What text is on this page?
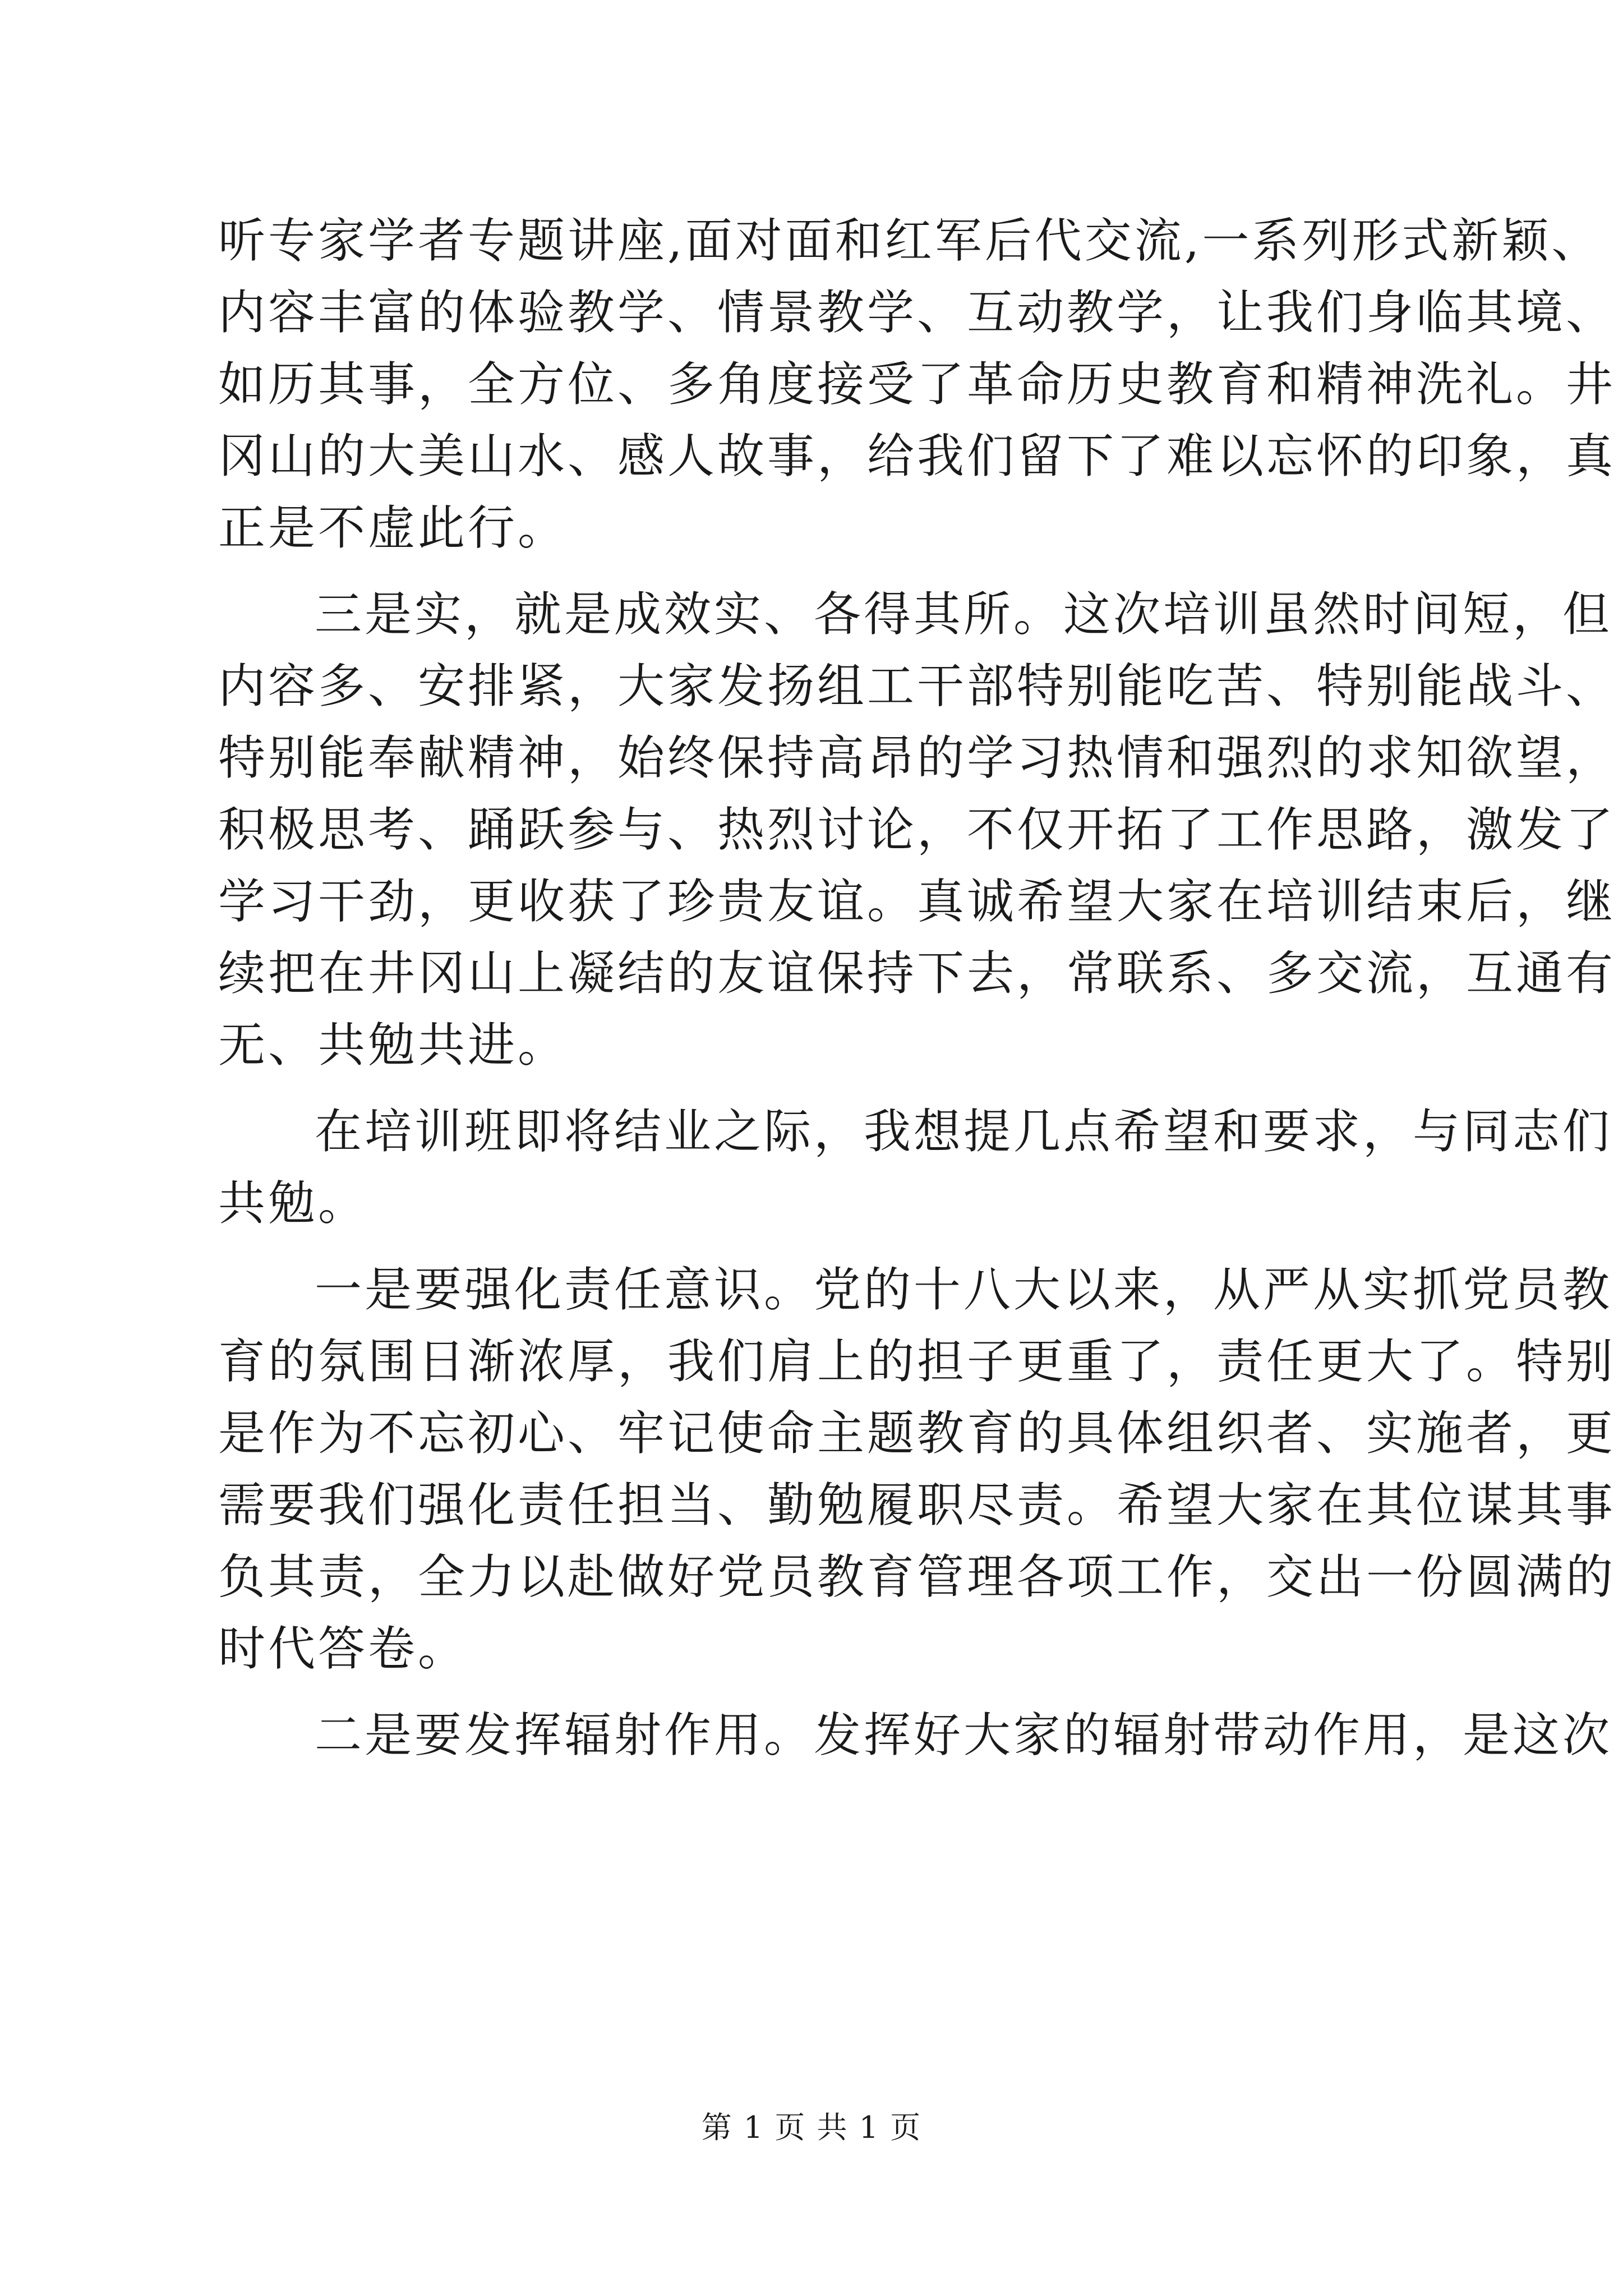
听专家学者专题讲座,面对面和红军后代交流,一系列形式新颖、
内容丰富的体验教学、情景教学、互动教学，让我们身临其境、
如历其事，全方位、多角度接受了革命历史教育和精神洗礼。井
冈山的大美山水、感人故事，给我们留下了难以忘怀的印象，真
正是不虚此行。
三是实，就是成效实、各得其所。这次培训虽然时间短，但
内容多、安排紧，大家发扬组工干部特别能吃苦、特别能战斗、
特别能奉献精神，始终保持高昂的学习热情和强烈的求知欲望，
积极思考、踊跃参与、热烈讨论，不仅开拓了工作思路，激发了
学习干劲，更收获了珍贵友谊。真诚希望大家在培训结束后，继
续把在井冈山上凝结的友谊保持下去，常联系、多交流，互通有
无、共勉共进。
在培训班即将结业之际，我想提几点希望和要求，与同志们
共勉。
一是要强化责任意识。党的十八大以来，从严从实抓党员教
育的氛围日渐浓厚，我们肩上的担子更重了，责任更大了。特别
是作为不忘初心、牢记使命主题教育的具体组织者、实施者，更
需要我们强化责任担当、勤勉履职尽责。希望大家在其位谋其事
负其责，全力以赴做好党员教育管理各项工作，交出一份圆满的
时代答卷。
二是要发挥辐射作用。发挥好大家的辐射带动作用，是这次
第 1 页 共 1 页
